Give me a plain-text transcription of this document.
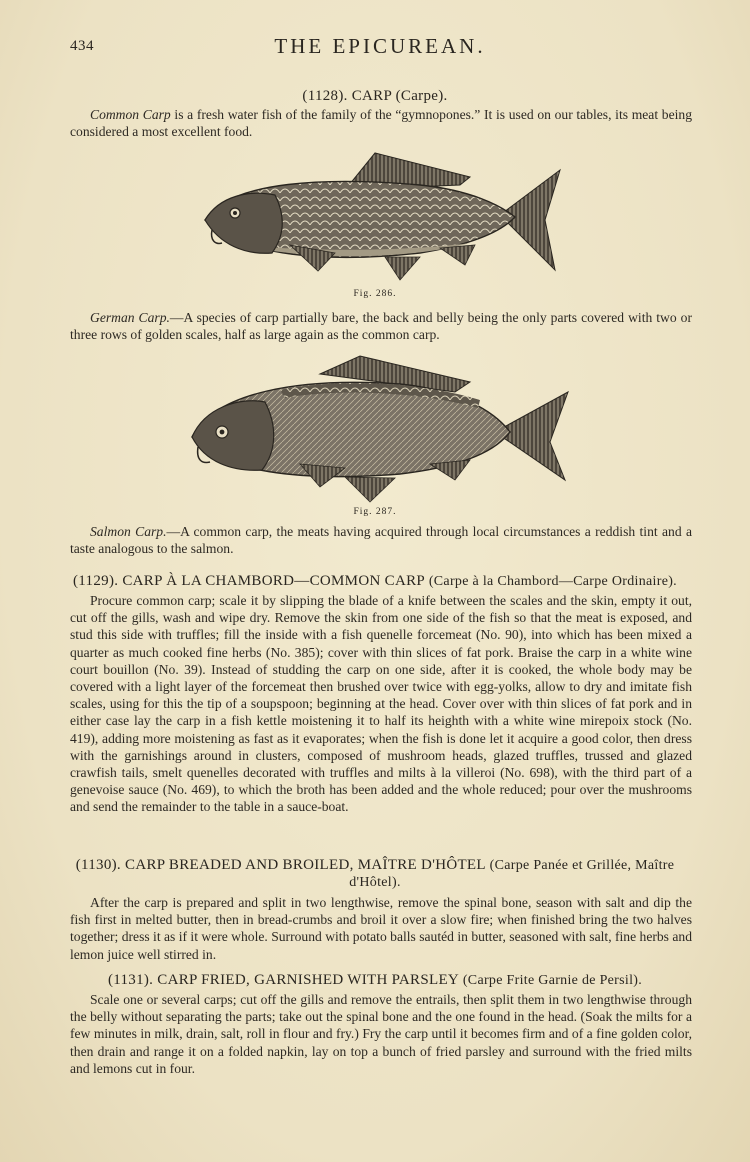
434	THE EPICUREAN.
(1128). CARP (Carpe).
Common Carp is a fresh water fish of the family of the “gymnopones.” It is used on our tables, its meat being considered a most excellent food.
Fig. 286.
German Carp.—A species of carp partially bare, the back and belly being the only parts covered with two or three rows of golden scales, half as large again as the common carp.
Fig. 287.
Salmon Carp.—A common carp, the meats having acquired through local circumstances a reddish tint and a taste analogous to the salmon.
(1129). CARP À LA CHAMBORD—COMMON CARP (Carpe à la Chambord—Carpe Ordinaire).
Procure common carp; scale it by slipping the blade of a knife between the scales and the skin, empty it out, cut off the gills, wash and wipe dry. Remove the skin from one side of the fish so that the meat is exposed, and stud this side with truffles; fill the inside with a fish quenelle forcemeat (No. 90), into which has been mixed a quarter as much cooked fine herbs (No. 385); cover with thin slices of fat pork. Braise the carp in a white wine court bouillon (No. 39). Instead of studding the carp on one side, after it is cooked, the whole body may be covered with a light layer of the forcemeat then brushed over twice with egg-yolks, allow to dry and imitate fish scales, using for this the tip of a soupspoon; beginning at the head. Cover over with thin slices of fat pork and in either case lay the carp in a fish kettle moistening it to half its heighth with a white wine mirepoix stock (No. 419), adding more moistening as fast as it evaporates; when the fish is done let it acquire a good color, then dress with the garnishings around in clusters, composed of mushroom heads, glazed truffles, trussed and glazed crawfish tails, smelt quenelles decorated with truffles and milts à la villeroi (No. 698), with the third part of a genevoise sauce (No. 469), to which the broth has been added and the whole reduced; pour over the mushrooms and send the remainder to the table in a sauce-boat.
(1130). CARP BREADED AND BROILED, MAÎTRE D'HÔTEL (Carpe Panée et Grillée, Maître
d'Hôtel).
After the carp is prepared and split in two lengthwise, remove the spinal bone, season with salt and dip the fish first in melted butter, then in bread-crumbs and broil it over a slow fire; when finished bring the two halves together; dress it as if it were whole. Surround with potato balls sautéd in butter, seasoned with salt, fine herbs and lemon juice well stirred in.
(1131). CARP FRIED, GARNISHED WITH PARSLEY (Carpe Frite Garnie de Persil).
Scale one or several carps; cut off the gills and remove the entrails, then split them in two lengthwise through the belly without separating the parts; take out the spinal bone and the one found in the head. (Soak the milts for a few minutes in milk, drain, salt, roll in flour and fry.) Fry the carp until it becomes firm and of a fine golden color, then drain and range it on a folded napkin, lay on top a bunch of fried parsley and surround with the fried milts and lemons cut in four.
